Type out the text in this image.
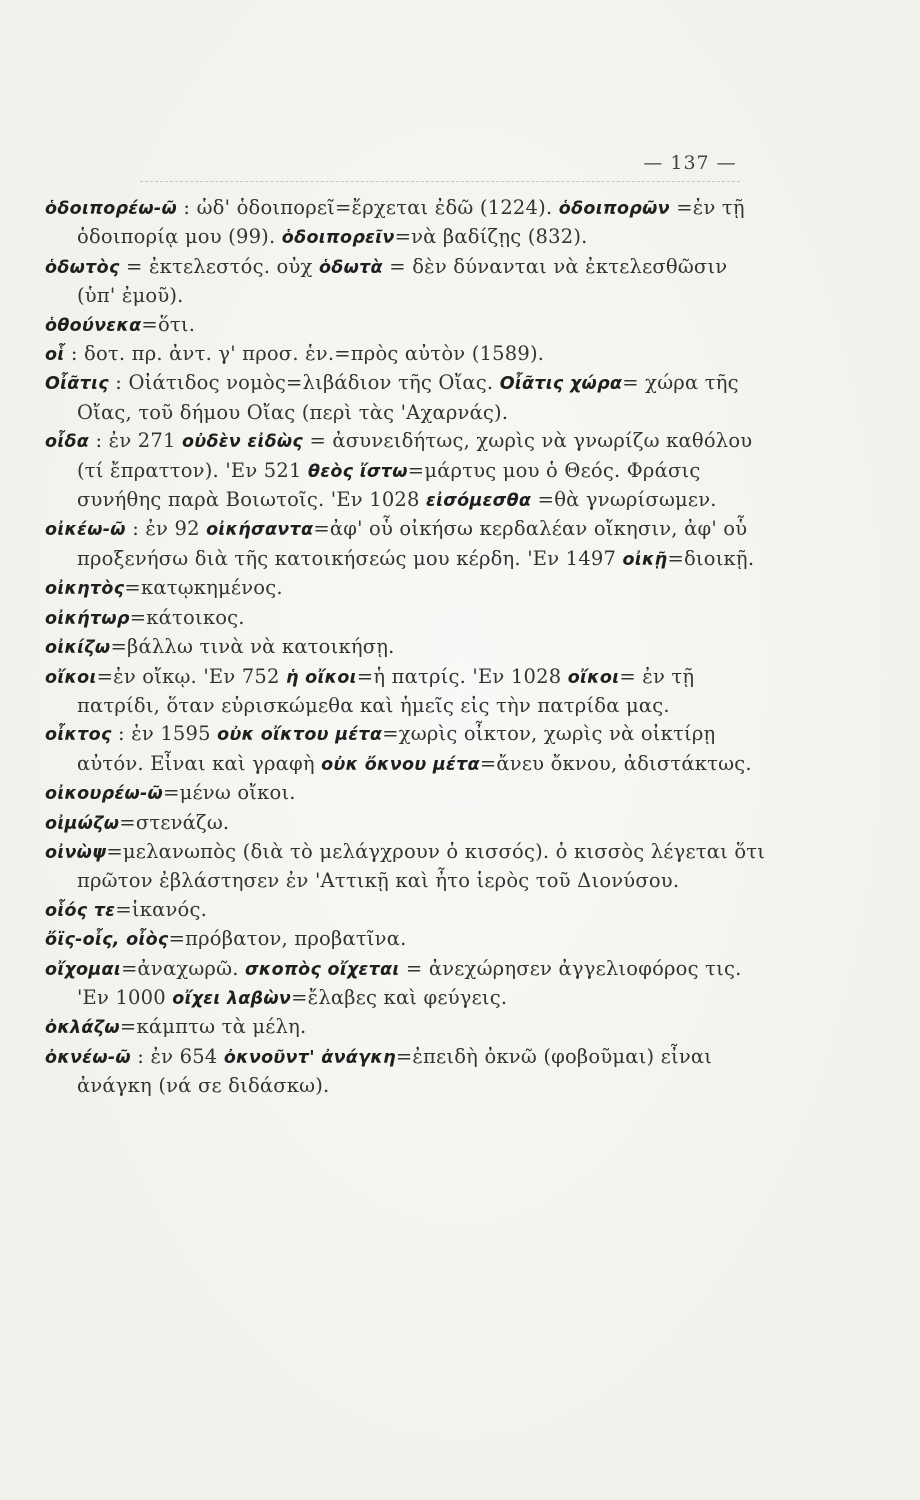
— 137 —
ὁδοιπορέω-ῶ : ὡδ' ὁδοιπορεῖ=ἔρχεται ἐδῶ (1224). ὁδοιπορῶν =ἐν τῇ ὁδοιπορίᾳ μου (99). ὁδοιπορεῖν=νὰ βαδίζῃς (832).
ὁδωτὸς = ἐκτελεστός. οὐχ ὁδωτὰ = δὲν δύνανται νὰ ἐκτελεσθῶσιν (ὑπ' ἐμοῦ).
ὁθούνεκα=ὅτι.
οἷ : δοτ. πρ. ἀντ. γ' προσ. ἑν.=πρὸς αὐτὸν (1589).
Οἶᾶτις : Οἰάτιδος νομὸς=λιβάδιον τῆς Οἴας. Οἶᾶτις χώρα= χώρα τῆς Οἴας, τοῦ δήμου Οἴας (περὶ τὰς 'Αχαρνάς).
οἶδα : ἐν 271 οὐδὲν εἰδὼς = ἀσυνειδήτως, χωρὶς νὰ γνωρίζω καθόλου (τί ἔπραττον). 'Εν 521 θεὸς ἴστω=μάρτυς μου ὁ Θεός. Φράσις συνήθης παρὰ Βοιωτοῖς. 'Εν 1028 εἰσόμεσθα =θὰ γνωρίσωμεν.
οἰκέω-ῶ : ἐν 92 οἰκήσαντα=ἀφ' οὗ οἰκήσω κερδαλέαν οἴκησιν, ἀφ' οὗ προξενήσω διὰ τῆς κατοικήσεώς μου κέρδη. 'Εν 1497 οἰκῇ=διοικῇ.
οἰκητὸς=κατῳκημένος.
οἰκήτωρ=κάτοικος.
οἰκίζω=βάλλω τινὰ νὰ κατοικήσῃ.
οἴκοι=ἐν οἴκῳ. 'Εν 752 ἡ οἴκοι=ἡ πατρίς. 'Εν 1028 οἴκοι= ἐν τῇ πατρίδι, ὅταν εὑρισκώμεθα καὶ ἡμεῖς εἰς τὴν πατρίδα μας.
οἶκτος : ἐν 1595 οὐκ οἴκτου μέτα=χωρὶς οἶκτον, χωρὶς νὰ οἰκτίρῃ αὐτόν. Εἶναι καὶ γραφὴ οὐκ ὄκνου μέτα=ἄνευ ὄκνου, ἀδιστάκτως.
οἰκουρέω-ῶ=μένω οἴκοι.
οἰμώζω=στενάζω.
οἰνὼψ=μελανωπὸς (διὰ τὸ μελάγχρουν ὁ κισσός). ὁ κισσὸς λέγεται ὅτι πρῶτον ἐβλάστησεν ἐν 'Αττικῇ καὶ ἦτο ἱερὸς τοῦ Διονύσου.
οἷός τε=ἱκανός.
ὄϊς-οἶς, οἶὸς=πρόβατον, προβατῖνα.
οἴχομαι=ἀναχωρῶ. σκοπὸς οἴχεται = ἀνεχώρησεν ἀγγελιοφόρος τις. 'Εν 1000 οἴχει λαβὼν=ἔλαβες καὶ φεύγεις.
ὀκλάζω=κάμπτω τὰ μέλη.
ὀκνέω-ῶ : ἐν 654 ὀκνοῦντ' ἀνάγκη=ἐπειδὴ ὀκνῶ (φοβοῦμαι) εἶναι ἀνάγκη (νά σε διδάσκω).
